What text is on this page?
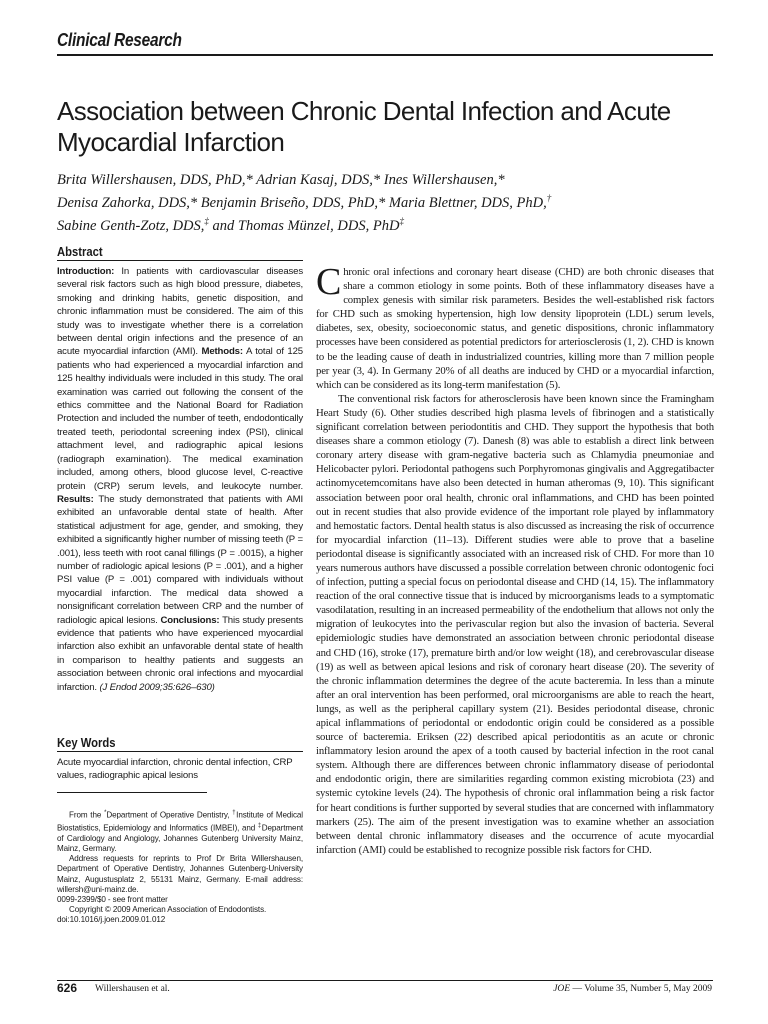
Clinical Research
Association between Chronic Dental Infection and Acute Myocardial Infarction
Brita Willershausen, DDS, PhD,* Adrian Kasaj, DDS,* Ines Willershausen,*
Denisa Zahorka, DDS,* Benjamin Briseño, DDS, PhD,* Maria Blettner, DDS, PhD,†
Sabine Genth-Zotz, DDS,‡ and Thomas Münzel, DDS, PhD‡
Abstract

Introduction: In patients with cardiovascular diseases several risk factors such as high blood pressure, diabetes, smoking and drinking habits, genetic disposition, and chronic inflammation must be considered. The aim of this study was to investigate whether there is a correlation between dental origin infections and the presence of an acute myocardial infarction (AMI). Methods: A total of 125 patients who had experienced a myocardial infarction and 125 healthy individuals were included in this study. The oral examination was carried out following the consent of the ethics committee and the National Board for Radiation Protection and included the number of teeth, endodontically treated teeth, periodontal screening index (PSI), clinical attachment level, and radiographic apical lesions (radiograph examination). The medical examination included, among others, blood glucose level, C-reactive protein (CRP) serum levels, and leukocyte number. Results: The study demonstrated that patients with AMI exhibited an unfavorable dental state of health. After statistical adjustment for age, gender, and smoking, they exhibited a significantly higher number of missing teeth (P = .001), less teeth with root canal fillings (P = .0015), a higher number of radiologic apical lesions (P = .001), and a higher PSI value (P = .001) compared with individuals without myocardial infarction. The medical data showed a nonsignificant correlation between CRP and the number of radiologic apical lesions. Conclusions: This study presents evidence that patients who have experienced myocardial infarction also exhibit an unfavorable dental state of health in comparison to healthy patients and suggests an association between chronic oral infections and myocardial infarction. (J Endod 2009;35:626–630)

Key Words

Acute myocardial infarction, chronic dental infection, CRP values, radiographic apical lesions

From the *Department of Operative Dentistry, †Institute of Medical Biostatistics, Epidemiology and Informatics (IMBEI), and ‡Department of Cardiology and Angiology, Johannes Gutenberg University Mainz, Mainz, Germany.

Address requests for reprints to Prof Dr Brita Willershausen, Department of Operative Dentistry, Johannes Gutenberg-University Mainz, Augustusplatz 2, 55131 Mainz, Germany. E-mail address: willersh@uni-mainz.de.

0099-2399/$0 - see front matter

Copyright © 2009 American Association of Endodontists.

doi:10.1016/j.joen.2009.01.012

Chronic oral infections and coronary heart disease (CHD) are both chronic diseases that share a common etiology in some points. Both of these inflammatory diseases have a complex genesis with similar risk parameters. Besides the well-established risk factors for CHD such as smoking hypertension, high low density lipoprotein (LDL) serum levels, diabetes, sex, obesity, socioeconomic status, and genetic dispositions, chronic inflammatory processes have been considered as potential predictors for arteriosclerosis (1, 2). CHD is known to be the leading cause of death in industrialized countries, killing more than 7 million people per year (3, 4). In Germany 20% of all deaths are induced by CHD or a myocardial infarction, which can be considered as its long-term manifestation (5).

The conventional risk factors for atherosclerosis have been known since the Framingham Heart Study (6). Other studies described high plasma levels of fibrinogen and a statistically significant correlation between periodontitis and CHD. They support the hypothesis that both diseases share a common etiology (7). Danesh (8) was able to establish a direct link between coronary artery disease with gram-negative bacteria such as Chlamydia pneumoniae and Helicobacter pylori. Periodontal pathogens such Porphyromonas gingivalis and Aggregatibacter actinomycetemcomitans have also been detected in human atheromas (9, 10). This significant association between poor oral health, chronic oral inflammations, and CHD has been pointed out in recent studies that also provide evidence of the important role played by inflammatory and hemostatic factors. Dental health status is also discussed as increasing the risk of occurrence for myocardial infarction (11–13). Different studies were able to prove that a baseline periodontal disease is significantly associated with an increased risk of CHD. For more than 10 years numerous authors have discussed a possible correlation between chronic odontogenic foci of infection, putting a special focus on periodontal disease and CHD (14, 15). The inflammatory reaction of the oral connective tissue that is induced by microorganisms leads to a symptomatic vasodilatation, resulting in an increased permeability of the endothelium that allows not only the migration of leukocytes into the perivascular region but also the invasion of bacteria. Several epidemiologic studies have demonstrated an association between chronic periodontal disease and CHD (16), stroke (17), premature birth and/or low weight (18), and cerebrovascular disease (19) as well as between apical lesions and risk of coronary heart disease (20). The severity of the chronic inflammation determines the degree of the acute bacteremia. In less than a minute after an oral intervention has been performed, oral microorganisms are able to reach the heart, lungs, as well as the peripheral capillary system (21). Besides periodontal disease, chronic apical inflammations of periodontal or endodontic origin could be considered as a possible source of bacteremia. Eriksen (22) described apical periodontitis as an acute or chronic inflammatory lesion around the apex of a tooth caused by bacterial infection in the root canal system. Although there are differences between chronic inflammatory disease of periodontal and endodontic origin, there are similarities regarding common existing microbiota (23) and systemic cytokine levels (24). The hypothesis of chronic oral inflammation being a risk factor for heart conditions is further supported by several studies that are concerned with inflammatory markers (25). The aim of the present investigation was to examine whether an association between dental chronic inflammatory diseases and the occurrence of acute myocardial infarction (AMI) could be established to recognize possible risk factors for CHD.

626 Willershausen et al.	JOE — Volume 35, Number 5, May 2009
